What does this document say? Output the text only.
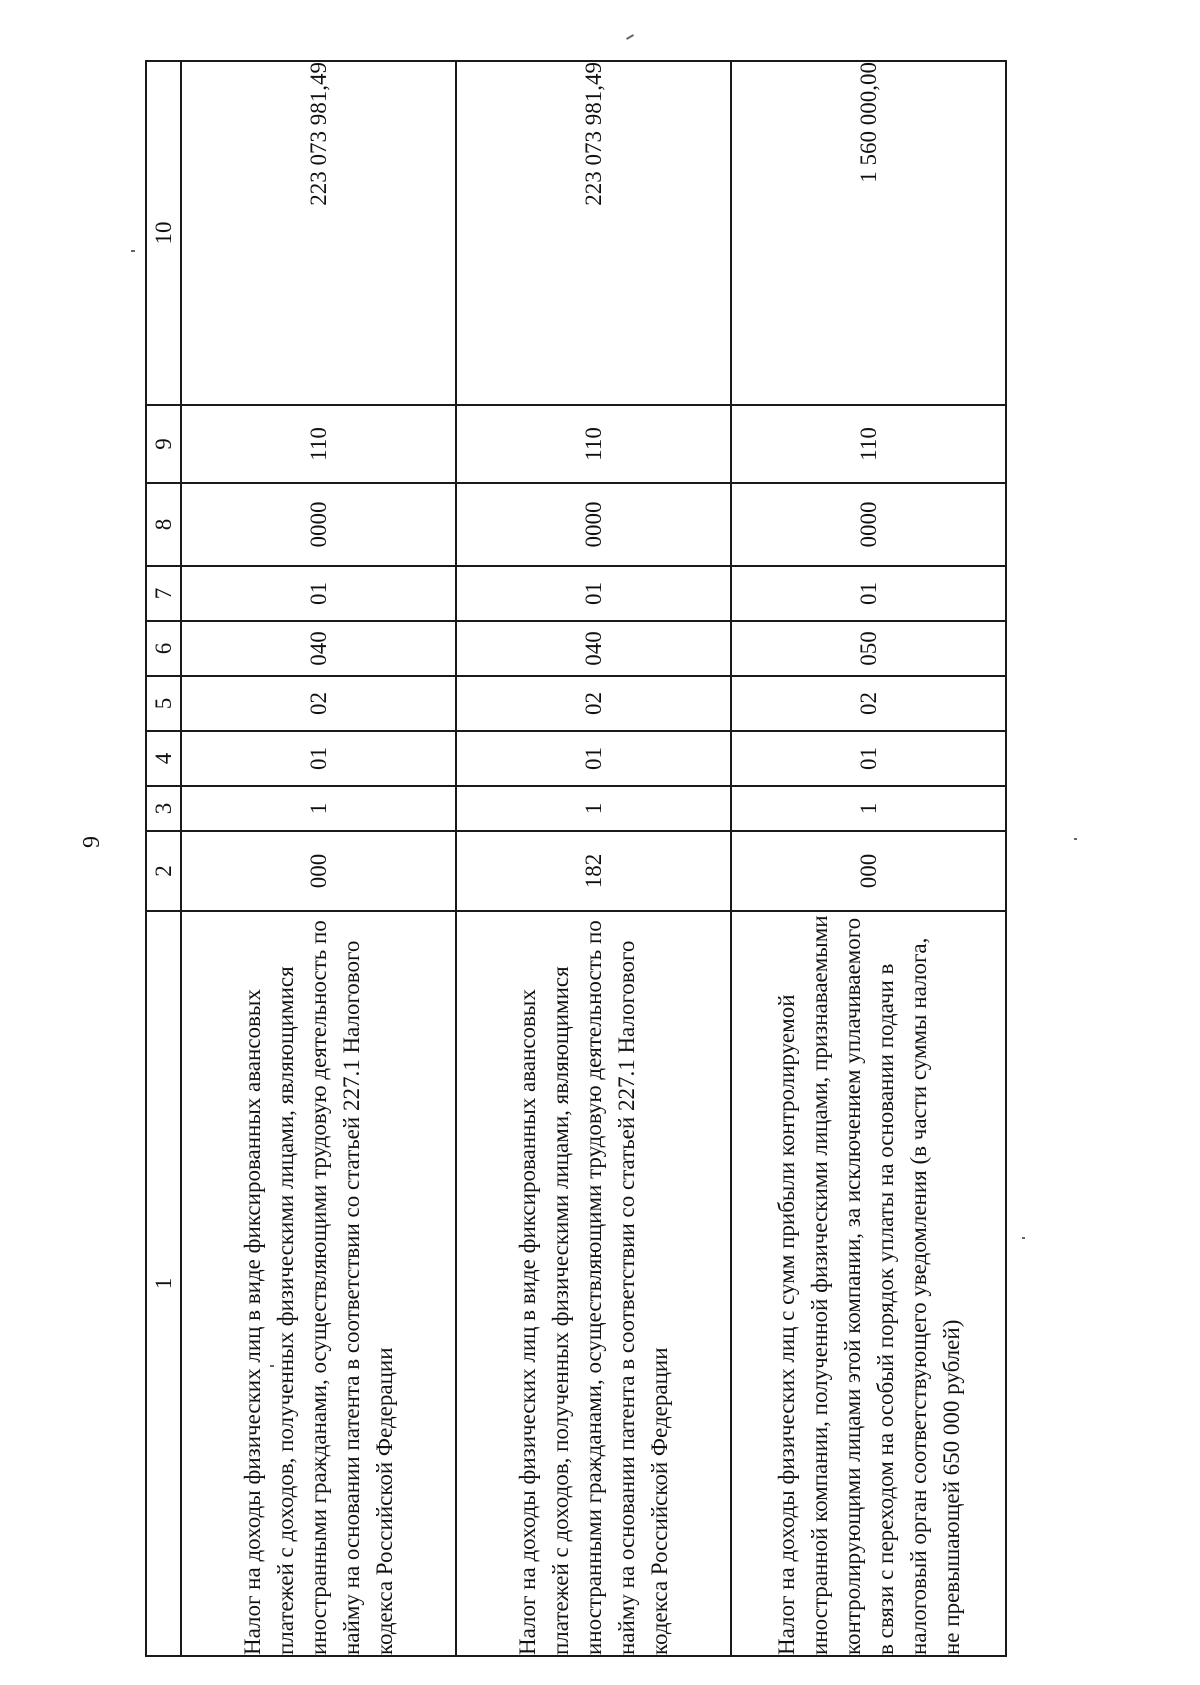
9
1	2	3	4	5	6	7	8	9	10
Налог на доходы физических лиц в виде фиксированных авансовых платежей с доходов, полученных физическими лицами, являющимися иностранными гражданами, осуществляющими трудовую деятельность по найму на основании патента в соответствии со статьей 227.1 Налогового кодекса Российской Федерации	000	1	01	02	040	01	0000	110	223 073 981,49
Налог на доходы физических лиц в виде фиксированных авансовых платежей с доходов, полученных физическими лицами, являющимися иностранными гражданами, осуществляющими трудовую деятельность по найму на основании патента в соответствии со статьей 227.1 Налогового кодекса Российской Федерации	182	1	01	02	040	01	0000	110	223 073 981,49
Налог на доходы физических лиц с сумм прибыли контролируемой иностранной компании, полученной физическими лицами, признаваемыми контролирующими лицами этой компании, за исключением уплачиваемого в связи с переходом на особый порядок уплаты на основании подачи в налоговый орган соответствующего уведомления (в части суммы налога, не превышающей 650 000 рублей)	000	1	01	02	050	01	0000	110	1 560 000,00
